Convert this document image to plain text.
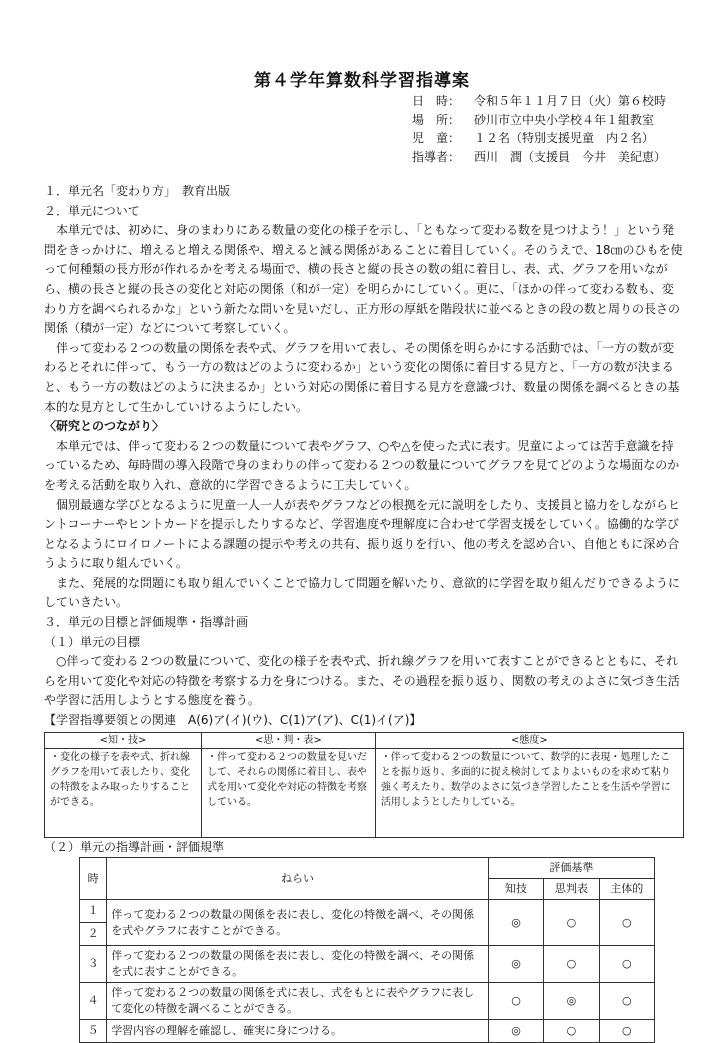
第４学年算数科学習指導案
日　時：	令和５年１１月７日（火）第６校時
場　所：	砂川市立中央小学校４年１組教室
児　童：	１２名（特別支援児童　内２名）
指導者：	西川　潤（支援員　今井　美紀恵）

１．単元名「変わり方」　教育出版

２．単元について

本単元では、初めに、身のまわりにある数量の変化の様子を示し、「ともなって変わる数を見つけよう！」という発問をきっかけに、増えると増える関係や、増えると減る関係があることに着目していく。そのうえで、18㎝のひもを使って何種類の長方形が作れるかを考える場面で、横の長さと縦の長さの数の組に着目し、表、式、グラフを用いながら、横の長さと縦の長さの変化と対応の関係（和が一定）を明らかにしていく。更に、「ほかの伴って変わる数も、変わり方を調べられるかな」という新たな問いを見いだし、正方形の厚紙を階段状に並べるときの段の数と周りの長さの関係（積が一定）などについて考察していく。

伴って変わる２つの数量の関係を表や式、グラフを用いて表し、その関係を明らかにする活動では、「一方の数が変わるとそれに伴って、もう一方の数はどのように変わるか」という変化の関係に着目する見方と、「一方の数が決まると、もう一方の数はどのように決まるか」という対応の関係に着目する見方を意識づけ、数量の関係を調べるときの基本的な見方として生かしていけるようにしたい。

〈研究とのつながり〉

本単元では、伴って変わる２つの数量について表やグラフ、○や△を使った式に表す。児童によっては苦手意識を持っているため、毎時間の導入段階で身のまわりの伴って変わる２つの数量についてグラフを見てどのような場面なのかを考える活動を取り入れ、意欲的に学習できるように工夫していく。

個別最適な学びとなるように児童一人一人が表やグラフなどの根拠を元に説明をしたり、支援員と協力をしながらヒントコーナーやヒントカードを提示したりするなど、学習進度や理解度に合わせて学習支援をしていく。協働的な学びとなるようにロイロノートによる課題の提示や考えの共有、振り返りを行い、他の考えを認め合い、自他ともに深め合うように取り組んでいく。

また、発展的な問題にも取り組んでいくことで協力して問題を解いたり、意欲的に学習を取り組んだりできるようにしていきたい。

３．単元の目標と評価規準・指導計画

（１）単元の目標

○伴って変わる２つの数量について、変化の様子を表や式、折れ線グラフを用いて表すことができるとともに、それらを用いて変化や対応の特徴を考察する力を身につける。また、その過程を振り返り、関数の考えのよさに気づき生活や学習に活用しようとする態度を養う。

【学習指導要領との関連　A(6)ア(イ)(ウ)、C(1)ア(ア)、C(1)イ(ア)】

<知・技>	<思・判・表>	<態度>
・変化の様子を表や式、折れ線グラフを用いて表したり、変化の特徴をよみ取ったりすることができる。	・伴って変わる２つの数量を見いだして、それらの関係に着目し、表や式を用いて変化や対応の特徴を考察している。	・伴って変わる２つの数量について、数学的に表現・処理したことを振り返り、多面的に捉え検討してよりよいものを求めて粘り強く考えたり、数学のよさに気づき学習したことを生活や学習に活用しようとしたりしている。

（２）単元の指導計画・評価規準

時	ねらい	評価基準		
		知技	思判表	主体的
１	伴って変わる２つの数量の関係を表に表し、変化の特徴を調べ、その関係を式やグラフに表すことができる。	◎	○	○
２				
３	伴って変わる２つの数量の関係を表に表し、変化の特徴を調べ、その関係を式に表すことができる。	◎	○	○
４	伴って変わる２つの数量の関係を式に表し、式をもとに表やグラフに表して変化の特徴を調べることができる。	○	◎	○
５	学習内容の理解を確認し、確実に身につける。	◎	○	○
